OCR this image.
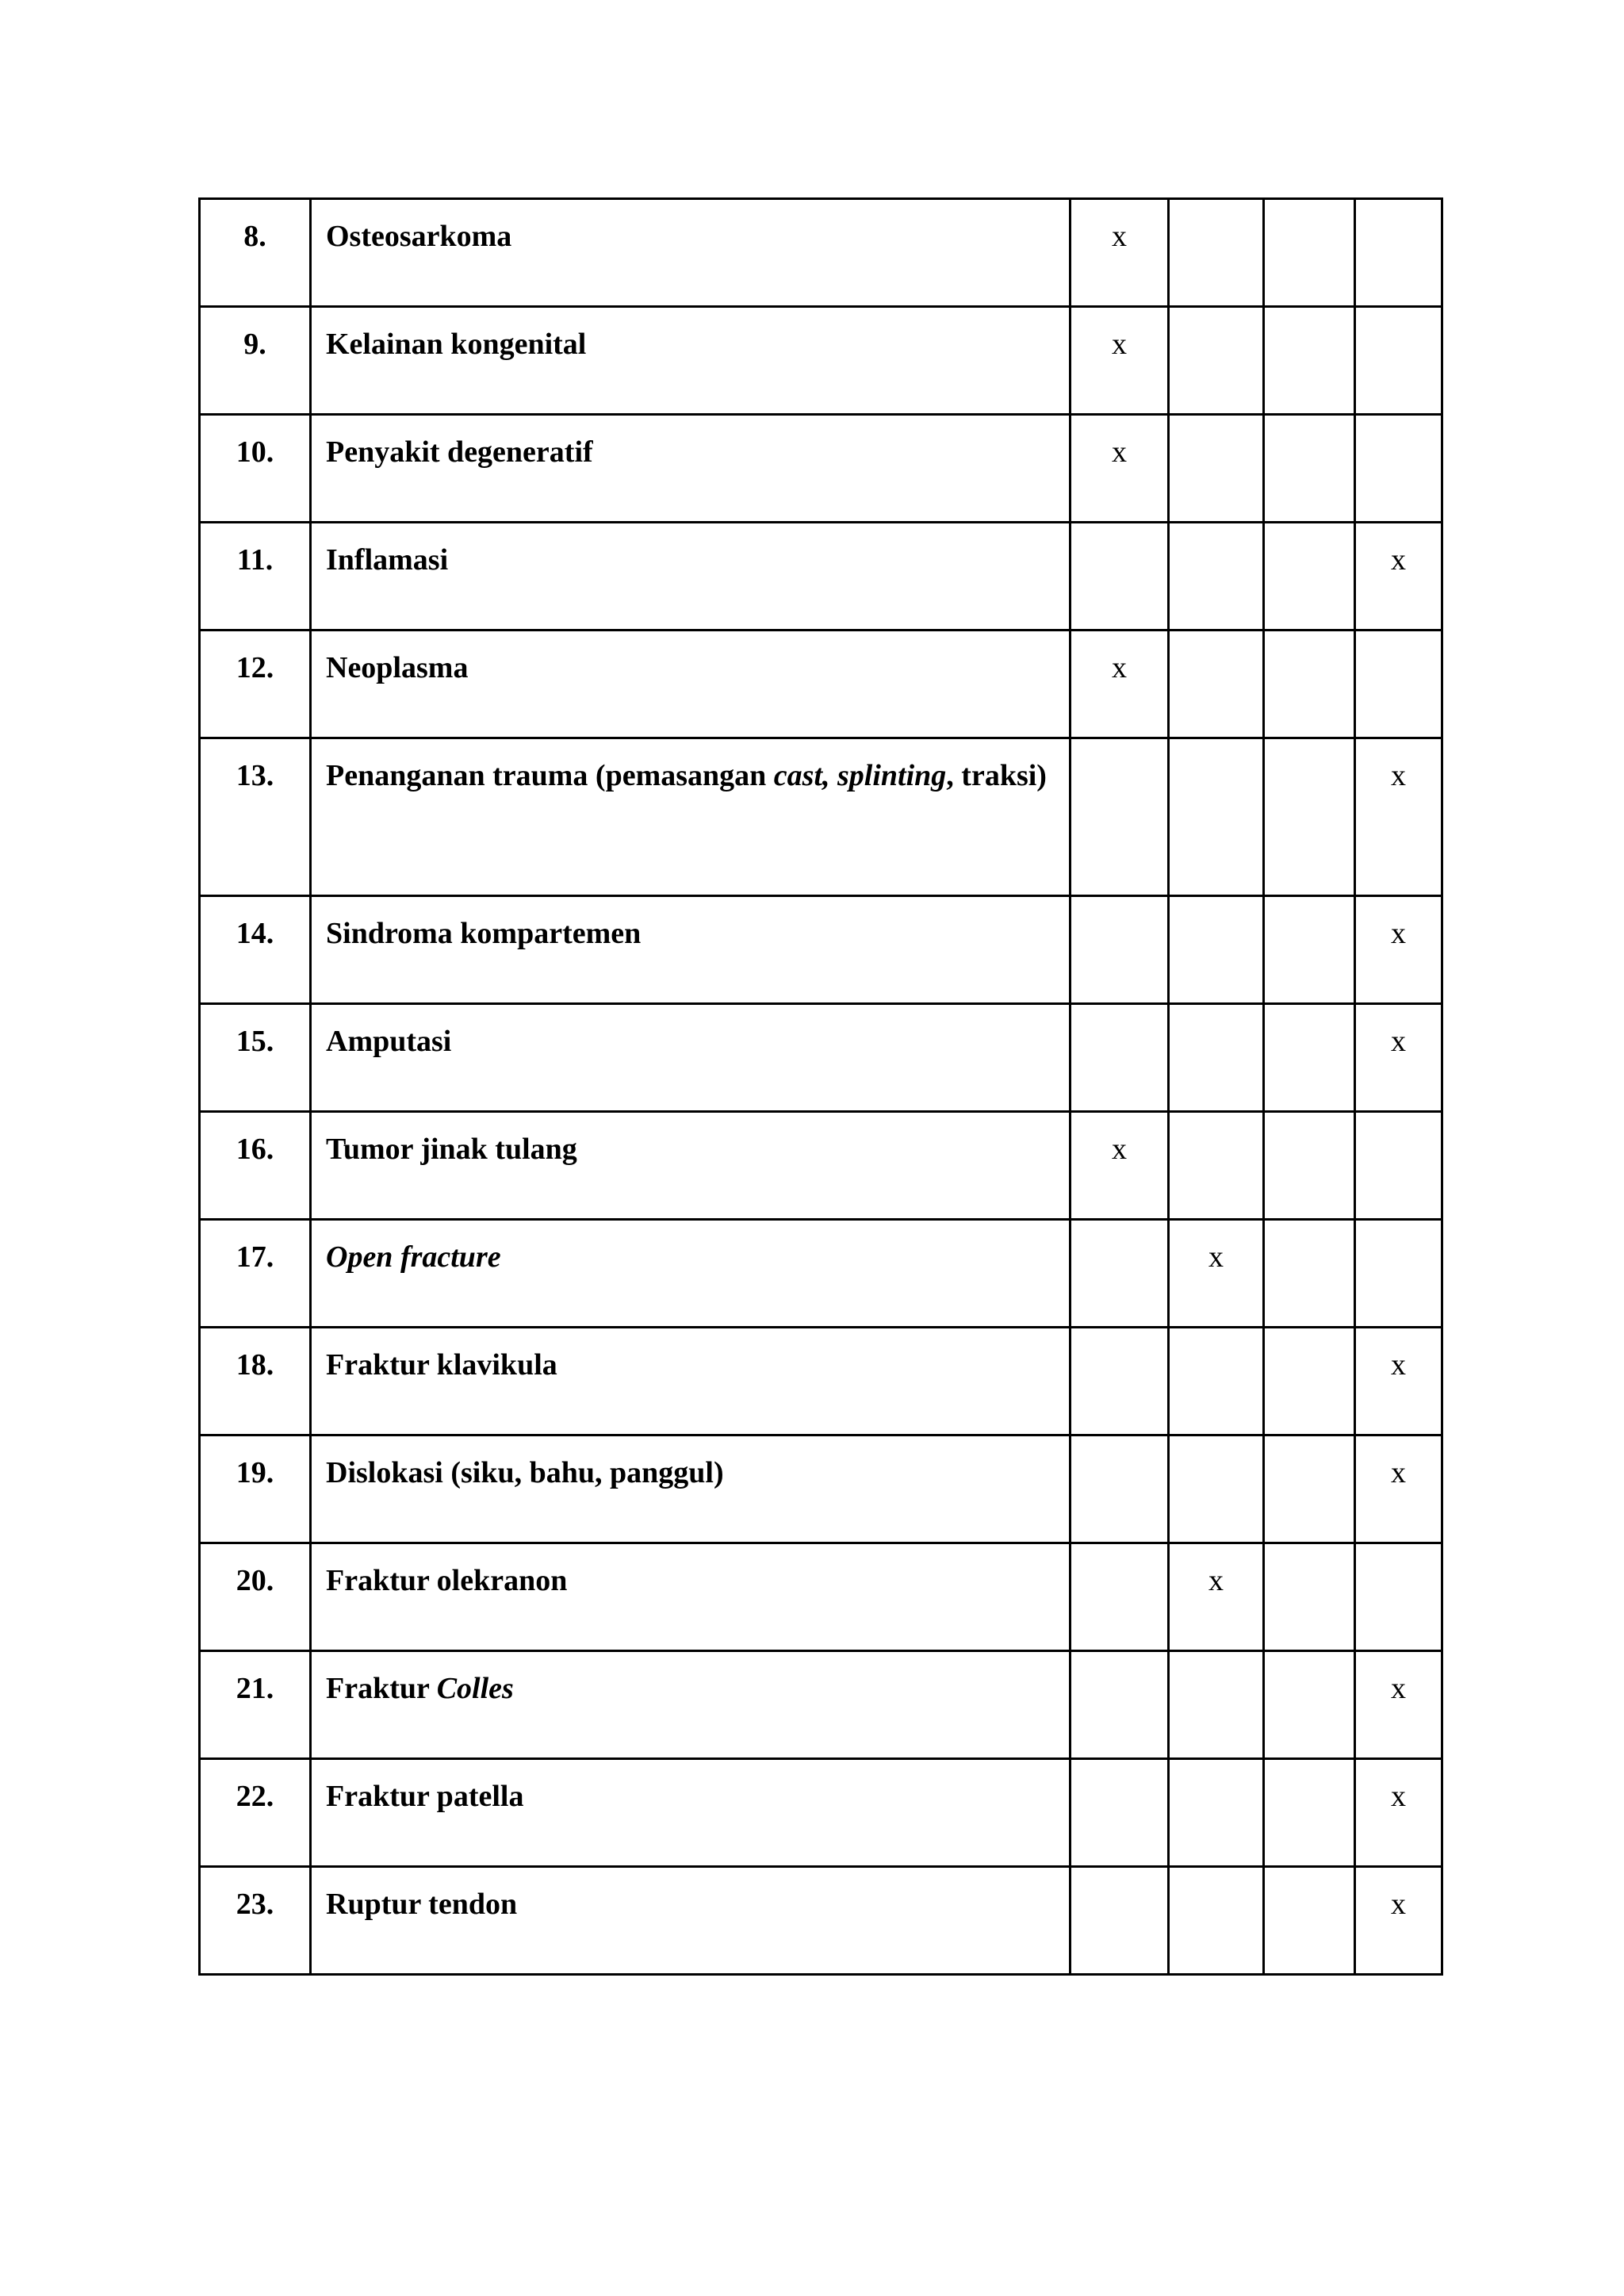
8.	Osteosarkoma	x			
9.	Kelainan kongenital	x			
10.	Penyakit degeneratif	x			
11.	Inflamasi				x
12.	Neoplasma	x			
13.	Penanganan trauma (pemasangan cast, splinting, traksi)				x
14.	Sindroma kompartemen				x
15.	Amputasi				x
16.	Tumor jinak tulang	x			
17.	Open fracture		x		
18.	Fraktur klavikula				x
19.	Dislokasi (siku, bahu, panggul)				x
20.	Fraktur olekranon		x		
21.	Fraktur Colles				x
22.	Fraktur patella				x
23.	Ruptur tendon				x
